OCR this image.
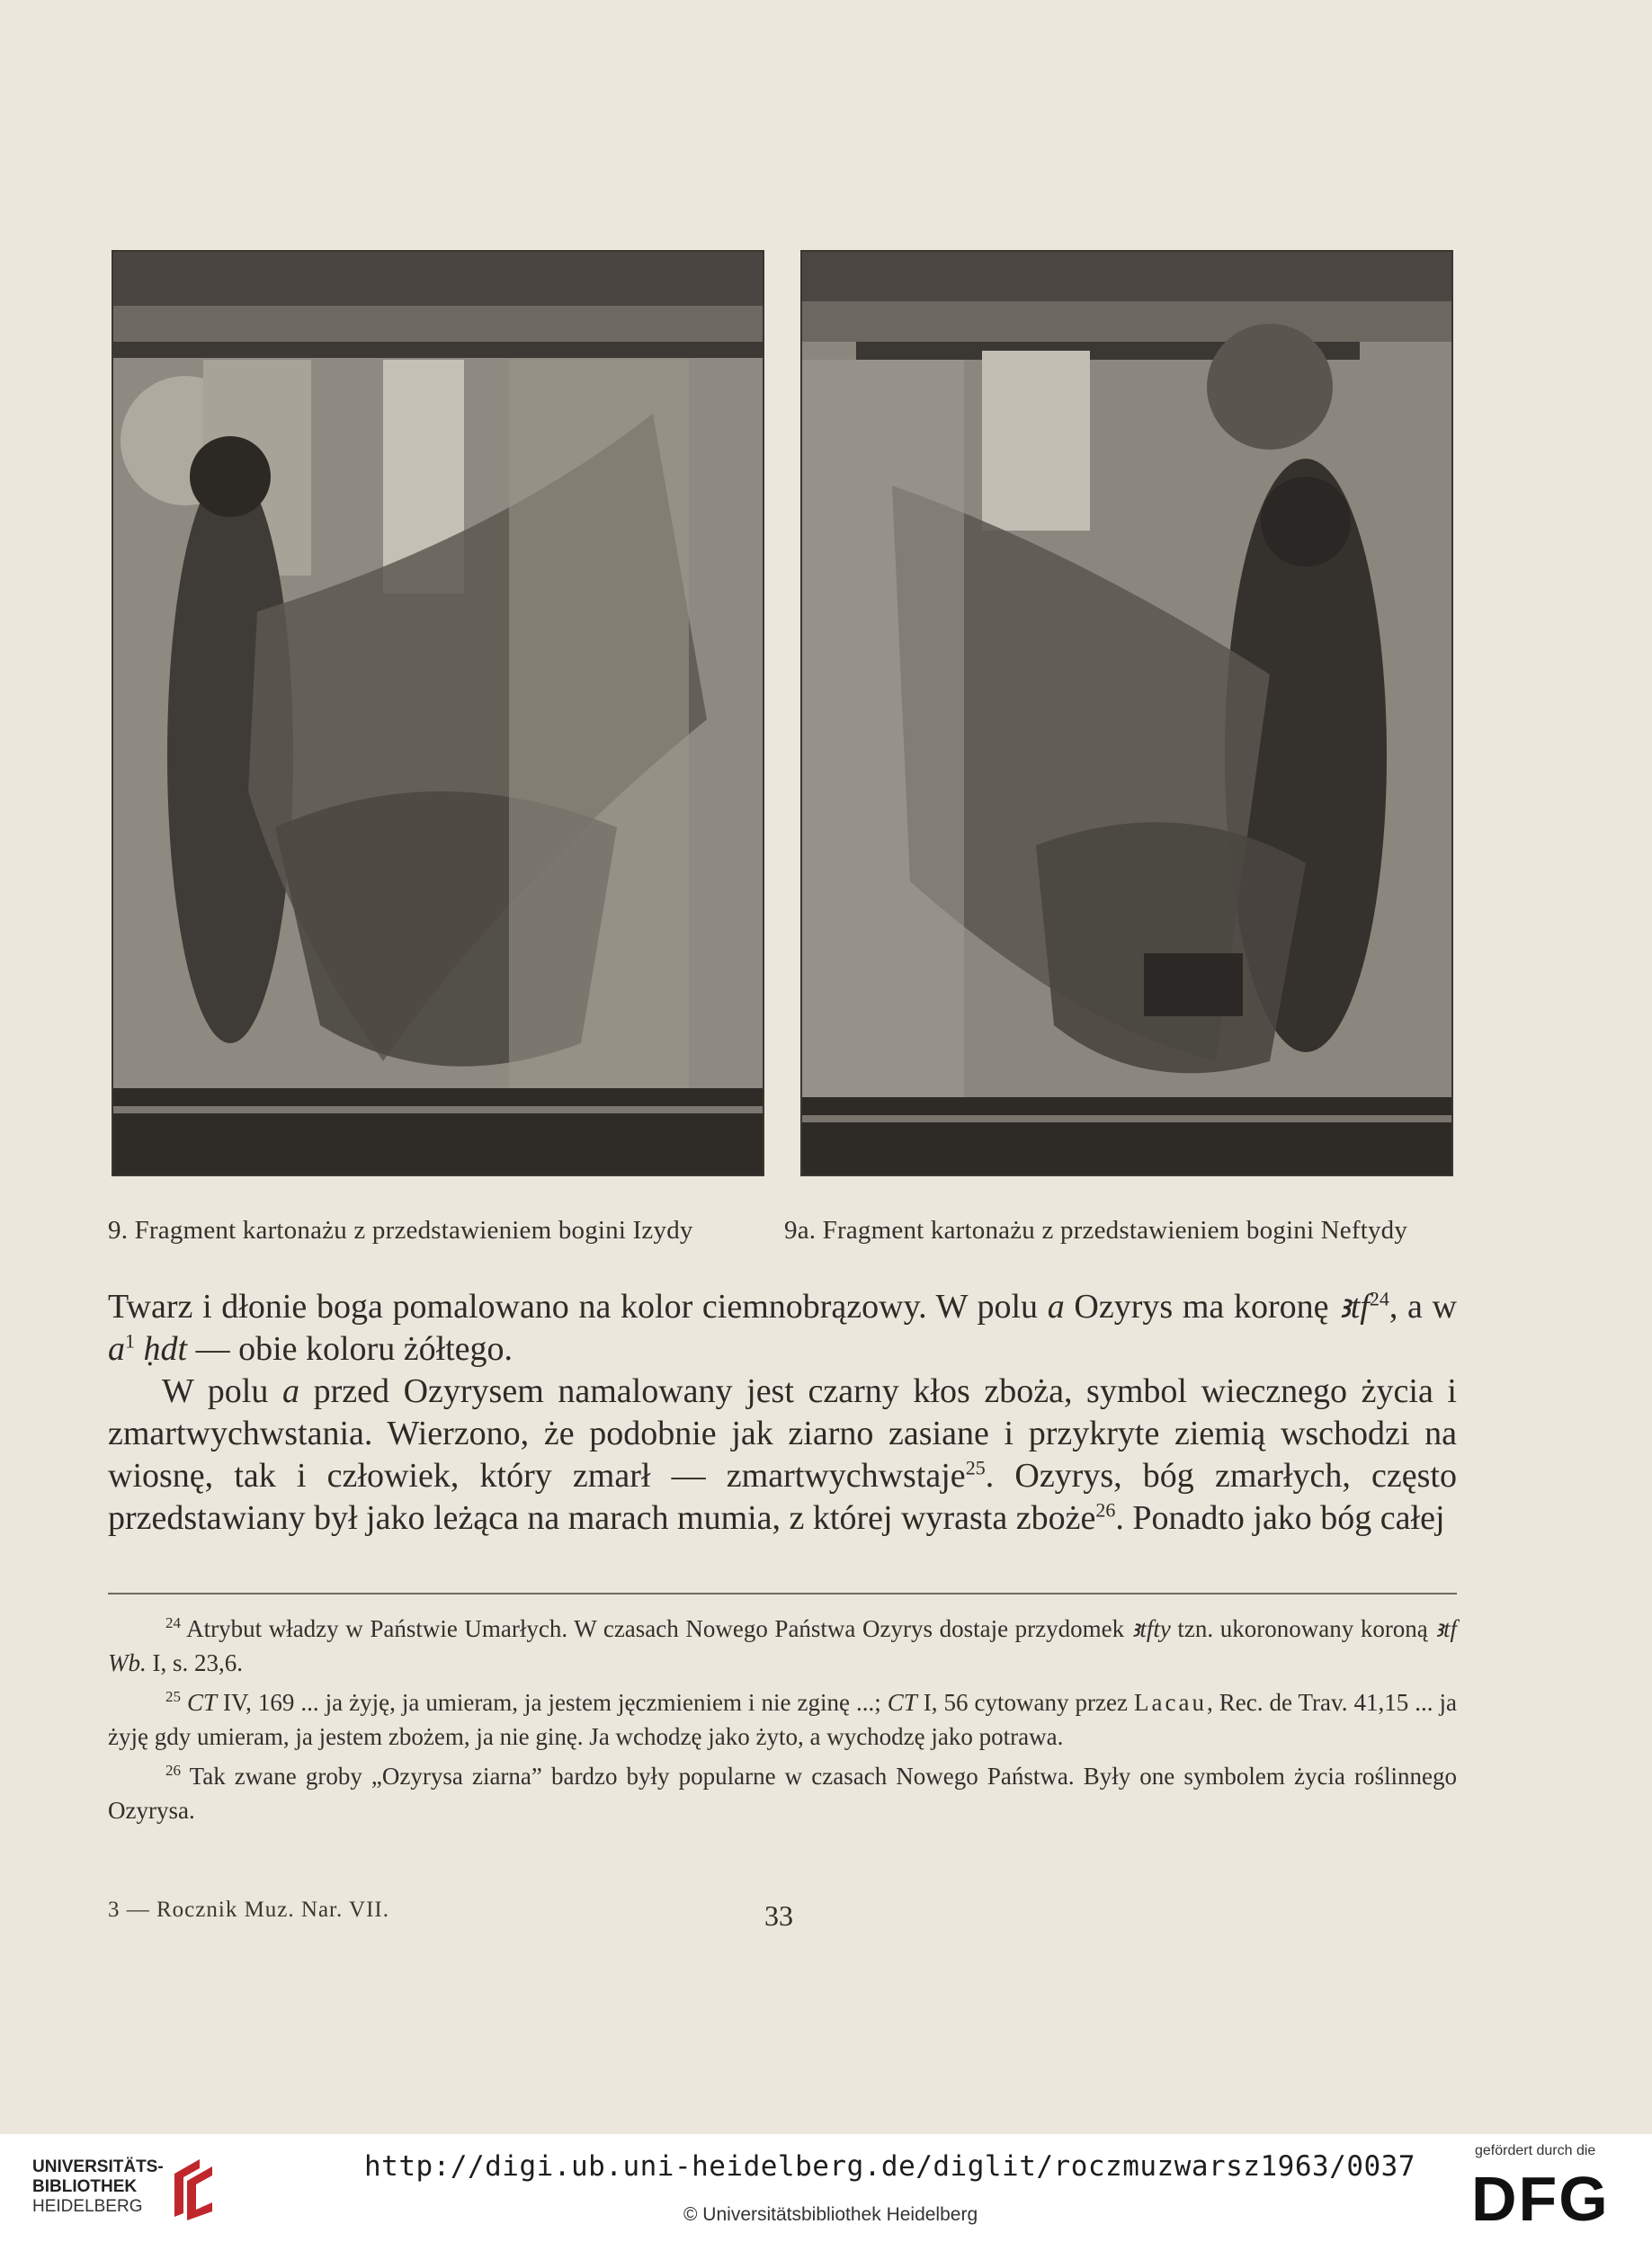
9. Fragment kartonażu z przedstawieniem bogini Izydy	9a. Fragment kartonażu z przedstawieniem bogini Neftydy

Twarz i dłonie boga pomalowano na kolor ciemnobrązowy. W polu a Ozyrys ma koronę ꜣtf$^{24}$, a w $a^1$ ḥdt — obie koloru żółtego.

W polu a przed Ozyrysem namalowany jest czarny kłos zboża, symbol wiecznego życia i zmartwychwstania. Wierzono, że podobnie jak ziarno zasiane i przykryte ziemią wschodzi na wiosnę, tak i człowiek, który zmarł — zmartwychwstaje$^{25}$. Ozyrys, bóg zmarłych, często przedstawiany był jako leżąca na marach mumia, z której wyrasta zboże$^{26}$. Ponadto jako bóg całej

$^{24}$ Atrybut władzy w Państwie Umarłych. W czasach Nowego Państwa Ozyrys dostaje przydomek ꜣtfty tzn. ukoronowany koroną ꜣtf Wb. I, s. 23,6.

$^{25}$ CT IV, 169 ... ja żyję, ja umieram, ja jestem jęczmieniem i nie zginę ...; CT I, 56 cytowany przez Lacau, Rec. de Trav. 41,15 ... ja żyję gdy umieram, ja jestem zbożem, ja nie ginę. Ja wchodzę jako żyto, a wychodzę jako potrawa.

$^{26}$ Tak zwane groby „Ozyrysa ziarna” bardzo były popularne w czasach Nowego Państwa. Były one symbolem życia roślinnego Ozyrysa.

3 — Rocznik Muz. Nar. VII.	33
UNIVERSITÄTS-
BIBLIOTHEK
HEIDELBERG
http://digi.ub.uni-heidelberg.de/diglit/roczmuzwarsz1963/0037
© Universitätsbibliothek Heidelberg
gefördert durch die
DFG
